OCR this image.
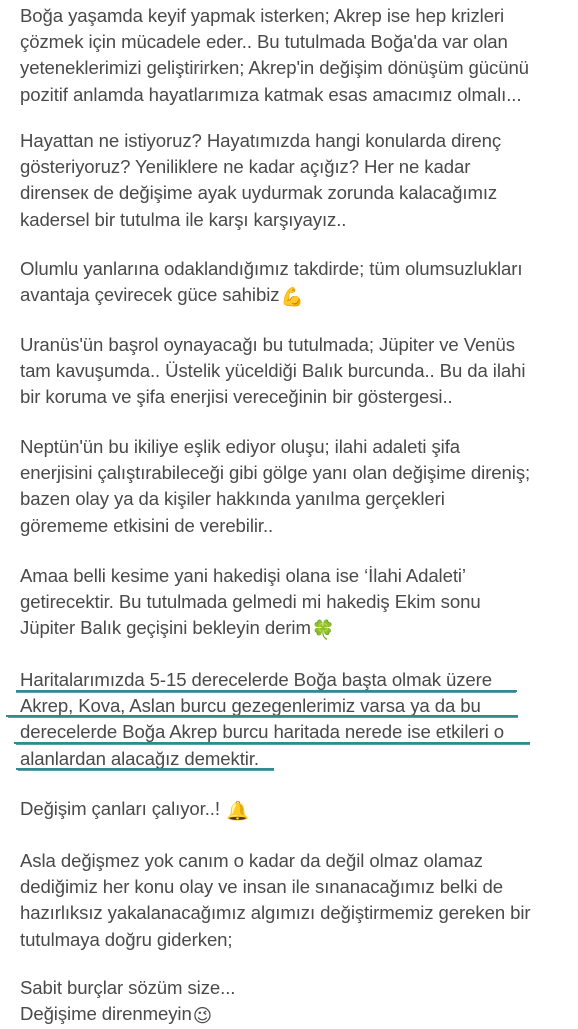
Boğa yaşamda keyif yapmak isterken; Akrep ise hep krizleri
çözmek için mücadele eder.. Bu tutulmada Boğa'da var olan
yeteneklerimizi geliştirirken; Akrep'in değişim dönüşüm gücünü
pozitif anlamda hayatlarımıza katmak esas amacımız olmalı...

Hayattan ne istiyoruz? Hayatımızda hangi konularda direnç
gösteriyoruz? Yeniliklere ne kadar açığız? Her ne kadar
direnseк de değişime ayak uydurmak zorunda kalacağımız
kadersel bir tutulma ile karşı karşıyayız..

Olumlu yanlarına odaklandığımız takdirde; tüm olumsuzlukları
avantaja çevirecek güce sahibiz💪

Uranüs'ün başrol oynayacağı bu tutulmada; Jüpiter ve Venüs
tam kavuşumda.. Üstelik yüceldiği Balık burcunda.. Bu da ilahi
bir koruma ve şifa enerjisi vereceğinin bir göstergesi..

Neptün'ün bu ikiliye eşlik ediyor oluşu; ilahi adaleti şifa
enerjisini çalıştırabileceği gibi gölge yanı olan değişime direniş;
bazen olay ya da kişiler hakkında yanılma gerçekleri
görememe etkisini de verebilir..

Amaa belli kesime yani hakedişi olana ise ‘İlahi Adaleti’
getirecektir. Bu tutulmada gelmedi mi hakediş Ekim sonu
Jüpiter Balık geçişini bekleyin derim🍀

Haritalarımızda 5-15 derecelerde Boğa başta olmak üzere
Akrep, Kova, Aslan burcu gezegenlerimiz varsa ya da bu
derecelerde Boğa Akrep burcu haritada nerede ise etkileri o
alanlardan alacağız demektir.

Değişim çanları çalıyor..! 🔔

Asla değişmez yok canım o kadar da değil olmaz olamaz
dediğimiz her konu olay ve insan ile sınanacağımız belki de
hazırlıksız yakalanacağımız algımızı değiştirmemiz gereken bir
tutulmaya doğru giderken;

Sabit burçlar sözüm size...
Değişime direnmeyin😉
